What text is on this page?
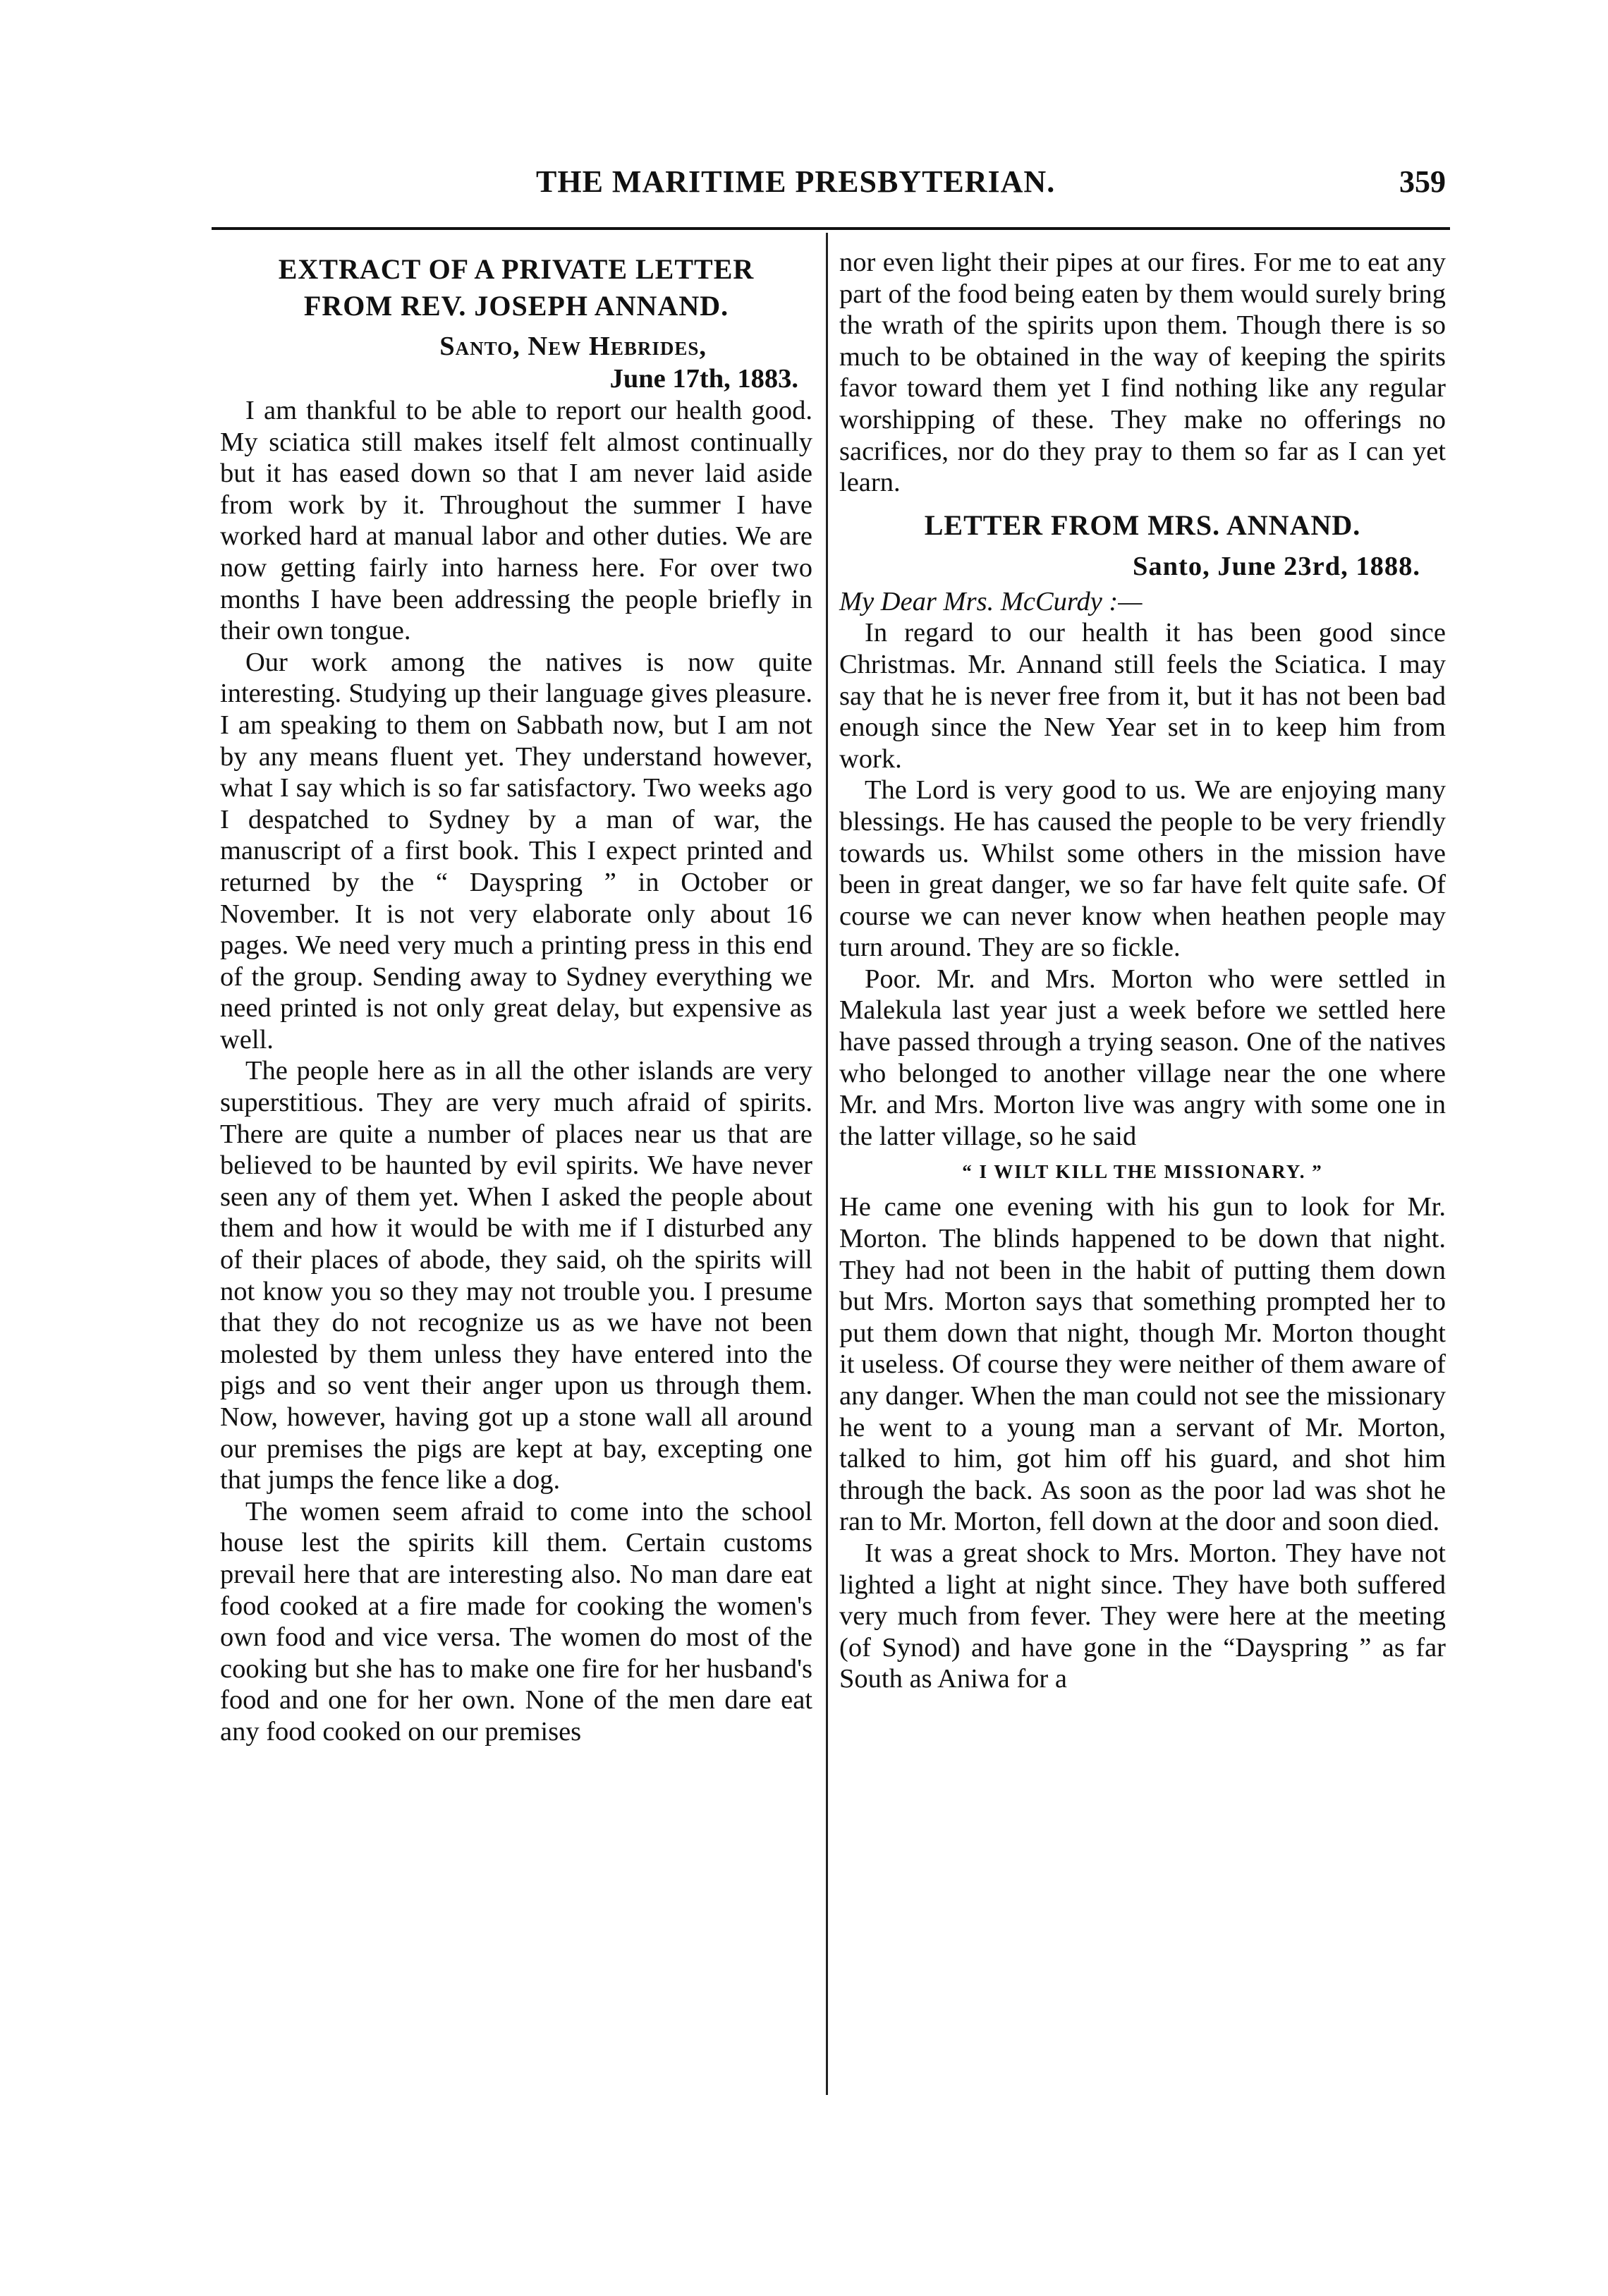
THE MARITIME PRESBYTERIAN.	359
EXTRACT OF A PRIVATE LETTER
FROM REV. JOSEPH ANNAND.
Santo, New Hebrides,
June 17th, 1883.

I am thankful to be able to report our health good. My sciatica still makes itself felt almost continually but it has eased down so that I am never laid aside from work by it. Throughout the summer I have worked hard at manual labor and other duties. We are now getting fairly into harness here. For over two months I have been addressing the people briefly in their own tongue.

Our work among the natives is now quite interesting. Studying up their language gives pleasure. I am speaking to them on Sabbath now, but I am not by any means fluent yet. They understand however, what I say which is so far satisfactory. Two weeks ago I despatched to Sydney by a man of war, the manuscript of a first book. This I expect printed and returned by the “ Dayspring ” in October or November. It is not very elaborate only about 16 pages. We need very much a printing press in this end of the group. Sending away to Sydney everything we need printed is not only great delay, but expensive as well.

The people here as in all the other islands are very superstitious. They are very much afraid of spirits. There are quite a number of places near us that are believed to be haunted by evil spirits. We have never seen any of them yet. When I asked the people about them and how it would be with me if I disturbed any of their places of abode, they said, oh the spirits will not know you so they may not trouble you. I presume that they do not recognize us as we have not been molested by them unless they have entered into the pigs and so vent their anger upon us through them. Now, however, having got up a stone wall all around our premises the pigs are kept at bay, excepting one that jumps the fence like a dog.

The women seem afraid to come into the school house lest the spirits kill them. Certain customs prevail here that are interesting also. No man dare eat food cooked at a fire made for cooking the women's own food and vice versa. The women do most of the cooking but she has to make one fire for her husband's food and one for her own. None of the men dare eat any food cooked on our premises

nor even light their pipes at our fires. For me to eat any part of the food being eaten by them would surely bring the wrath of the spirits upon them. Though there is so much to be obtained in the way of keeping the spirits favor toward them yet I find nothing like any regular worshipping of these. They make no offerings no sacrifices, nor do they pray to them so far as I can yet learn.

LETTER FROM MRS. ANNAND.
Santo, June 23rd, 1888.

My Dear Mrs. McCurdy :—

In regard to our health it has been good since Christmas. Mr. Annand still feels the Sciatica. I may say that he is never free from it, but it has not been bad enough since the New Year set in to keep him from work.

The Lord is very good to us. We are enjoying many blessings. He has caused the people to be very friendly towards us. Whilst some others in the mission have been in great danger, we so far have felt quite safe. Of course we can never know when heathen people may turn around. They are so fickle.

Poor. Mr. and Mrs. Morton who were settled in Malekula last year just a week before we settled here have passed through a trying season. One of the natives who belonged to another village near the one where Mr. and Mrs. Morton live was angry with some one in the latter village, so he said

“ I WILT KILL THE MISSIONARY. ”

He came one evening with his gun to look for Mr. Morton. The blinds happened to be down that night. They had not been in the habit of putting them down but Mrs. Morton says that something prompted her to put them down that night, though Mr. Morton thought it useless. Of course they were neither of them aware of any danger. When the man could not see the missionary he went to a young man a servant of Mr. Morton, talked to him, got him off his guard, and shot him through the back. As soon as the poor lad was shot he ran to Mr. Morton, fell down at the door and soon died.

It was a great shock to Mrs. Morton. They have not lighted a light at night since. They have both suffered very much from fever. They were here at the meeting (of Synod) and have gone in the “Dayspring ” as far South as Aniwa for a
